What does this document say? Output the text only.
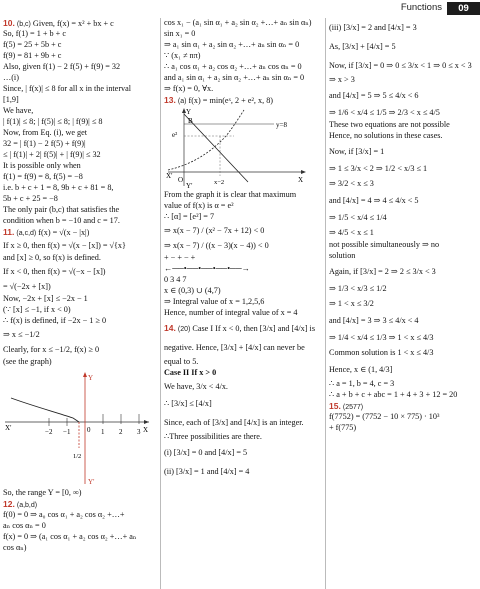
Functions	09
10. (b,c) Given, f(x) = x² + bx + c
So, f(1) = 1 + b + c
f(5) = 25 + 5b + c
f(9) = 81 + 9b + c
Also, given f(1) − 2 f(5) + f(9) = 32
…(i)
Since, | f(x)| ≤ 8 for all x in the interval
[1,9]
We have,
| f(1)| ≤ 8; | f(5)| ≤ 8; | f(9)| ≤ 8
Now, from Eq. (i), we get
32 = | f(1) − 2 f(5) + f(9)|
≤ | f(1)| + 2| f(5)| + | f(9)| ≤ 32
It is possible only when
f(1) = f(9) = 8, f(5) = −8
i.e. b + c + 1 = 8, 9b + c + 81 = 8,
5b + c + 25 = −8
The only pair (b,c) that satisfies the
condition when b = −10 and c = 17.
11. (a,c,d) f(x) = √(x − |x|)
If x ≥ 0, then f(x) = √(x − [x]) = √{x}
and [x] ≥ 0, so f(x) is defined.
If x < 0, then f(x) = √(−x − [x])
= √(−2x + [x])
Now, −2x + [x] ≤ −2x − 1
(∵ [x] ≤ −1, if x < 0)
∴ f(x) is defined, if −2x − 1 ≥ 0
⇒ x ≤ −1/2
Clearly, for x ≤ −1/2, f(x) ≥ 0
(see the graph)
X′	X
Y
Y′
0
−2 −1	1 2 3
1/2
So, the range Y = [0, ∞)
12. (a,b,d)
f(0) = 0 ⇒ a₀ cos α₁ + a₂ cos α₂ +…+
aₙ cos αₙ = 0
f(x) = 0 ⇒ (a₁ cos α₁ + a₂ cos α₂ +…+ aₙ
cos αₙ)
cos x₁ − (a₁ sin α₁ + a₂ sin α₂ +…+ aₙ sin αₙ)
sin x₁ = 0
⇒ a₁ sin α₁ + a₂ sin α₂ +…+ aₙ sin αₙ = 0
∵ (x₁ ≠ nπ)
∴ a₁ cos α₁ + a₂ cos α₂ +…+ aₙ cos αₙ = 0
and a₁ sin α₁ + a₂ sin α₂ +…+ aₙ sin αₙ = 0
⇒ f(x) = 0, ∀x.
13. (a) f(x) = min(eˣ, 2 + e², x, 8)
Y
B	y=8
e²
X′	X
O	x−2
Y′
From the graph it is clear that maximum
value of f(x) is α = e²
∴ [α] = [e²] = 7
⇒ x(x − 7) / (x² − 7x + 12) < 0
⇒ x(x − 7) / ((x − 3)(x − 4)) < 0
+ − + − +
←──•──•──•──•──→
0 3 4 7
x ∈ (0,3) ∪ (4,7)
⇒ Integral value of x = 1,2,5,6
Hence, number of integral value of x = 4
14. (20) Case I If x < 0, then [3/x] and [4/x] is
negative. Hence, [3/x] + [4/x] can never be
equal to 5.
Case II If x > 0
We have, 3/x < 4/x.
∴ [3/x] ≤ [4/x]
Since, each of [3/x] and [4/x] is an integer.
∴Three possibilities are there.
(i) [3/x] = 0 and [4/x] = 5
(ii) [3/x] = 1 and [4/x] = 4
(iii) [3/x] = 2 and [4/x] = 3
As, [3/x] + [4/x] = 5
Now, if [3/x] = 0 ⇒ 0 ≤ 3/x < 1 ⇒ 0 ≤ x < 3
⇒ x > 3
and [4/x] = 5 ⇒ 5 ≤ 4/x < 6
⇒ 1/6 < x/4 ≤ 1/5 ⇒ 2/3 < x ≤ 4/5
These two equations are not possible
Hence, no solutions in these cases.
Now, if [3/x] = 1
⇒ 1 ≤ 3/x < 2 ⇒ 1/2 < x/3 ≤ 1
⇒ 3/2 < x ≤ 3
and [4/x] = 4 ⇒ 4 ≤ 4/x < 5
⇒ 1/5 < x/4 ≤ 1/4
⇒ 4/5 < x ≤ 1
not possible simultaneously ⇒ no
solution
Again, if [3/x] = 2 ⇒ 2 ≤ 3/x < 3
⇒ 1/3 < x/3 ≤ 1/2
⇒ 1 < x ≤ 3/2
and [4/x] = 3 ⇒ 3 ≤ 4/x < 4
⇒ 1/4 < x/4 ≤ 1/3 ⇒ 1 < x ≤ 4/3
Common solution is 1 < x ≤ 4/3
Hence, x ∈ (1, 4/3]
∴ a = 1, b = 4, c = 3
∴ a + b + c + abc = 1 + 4 + 3 + 12 = 20
15. (2577)
f(7752) = (7752 − 10 × 775) · 10³
+ f(775)
